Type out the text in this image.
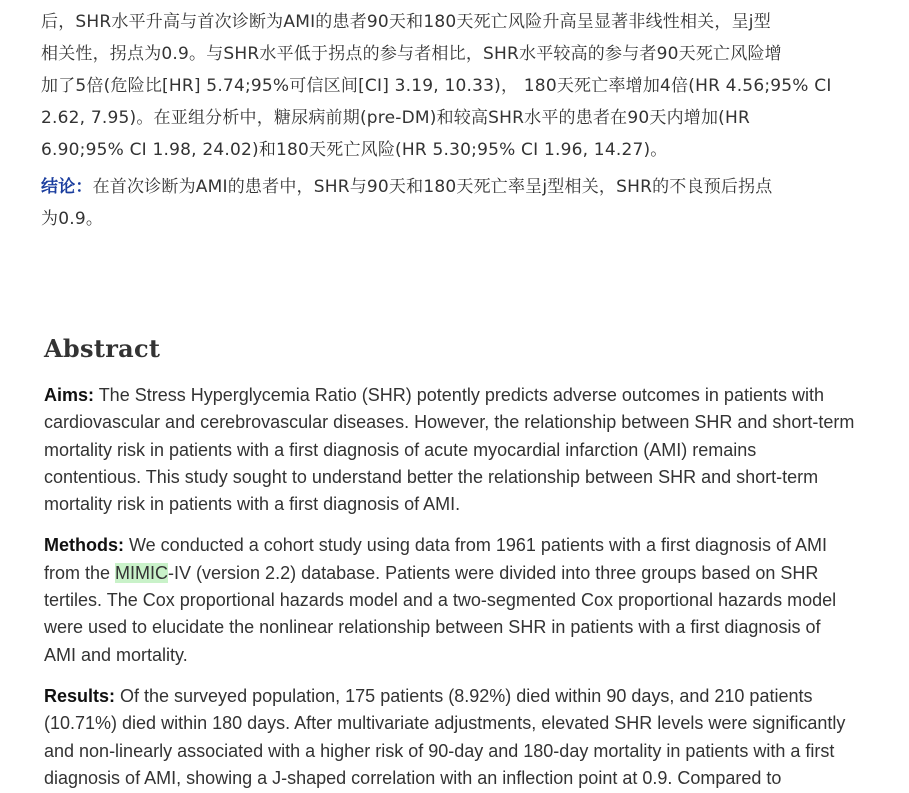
后，SHR水平升高与首次诊断为AMI的患者90天和180天死亡风险升高呈显著非线性相关，呈j型
相关性，拐点为0.9。与SHR水平低于拐点的参与者相比，SHR水平较高的参与者90天死亡风险增
加了5倍(危险比[HR] 5.74;95%可信区间[CI] 3.19, 10.33)， 180天死亡率增加4倍(HR 4.56;95% CI
2.62, 7.95)。在亚组分析中，糖尿病前期(pre-DM)和较高SHR水平的患者在90天内增加(HR
6.90;95% CI 1.98, 24.02)和180天死亡风险(HR 5.30;95% CI 1.96, 14.27)。

结论：在首次诊断为AMI的患者中，SHR与90天和180天死亡率呈j型相关，SHR的不良预后拐点
为0.9。

Abstract

Aims: The Stress Hyperglycemia Ratio (SHR) potently predicts adverse outcomes in patients with
cardiovascular and cerebrovascular diseases. However, the relationship between SHR and short-term
mortality risk in patients with a first diagnosis of acute myocardial infarction (AMI) remains
contentious. This study sought to understand better the relationship between SHR and short-term
mortality risk in patients with a first diagnosis of AMI.

Methods: We conducted a cohort study using data from 1961 patients with a first diagnosis of AMI
from the MIMIC-IV (version 2.2) database. Patients were divided into three groups based on SHR
tertiles. The Cox proportional hazards model and a two-segmented Cox proportional hazards model
were used to elucidate the nonlinear relationship between SHR in patients with a first diagnosis of
AMI and mortality.

Results: Of the surveyed population, 175 patients (8.92%) died within 90 days, and 210 patients
(10.71%) died within 180 days. After multivariate adjustments, elevated SHR levels were significantly
and non-linearly associated with a higher risk of 90-day and 180-day mortality in patients with a first
diagnosis of AMI, showing a J-shaped correlation with an inflection point at 0.9. Compared to
